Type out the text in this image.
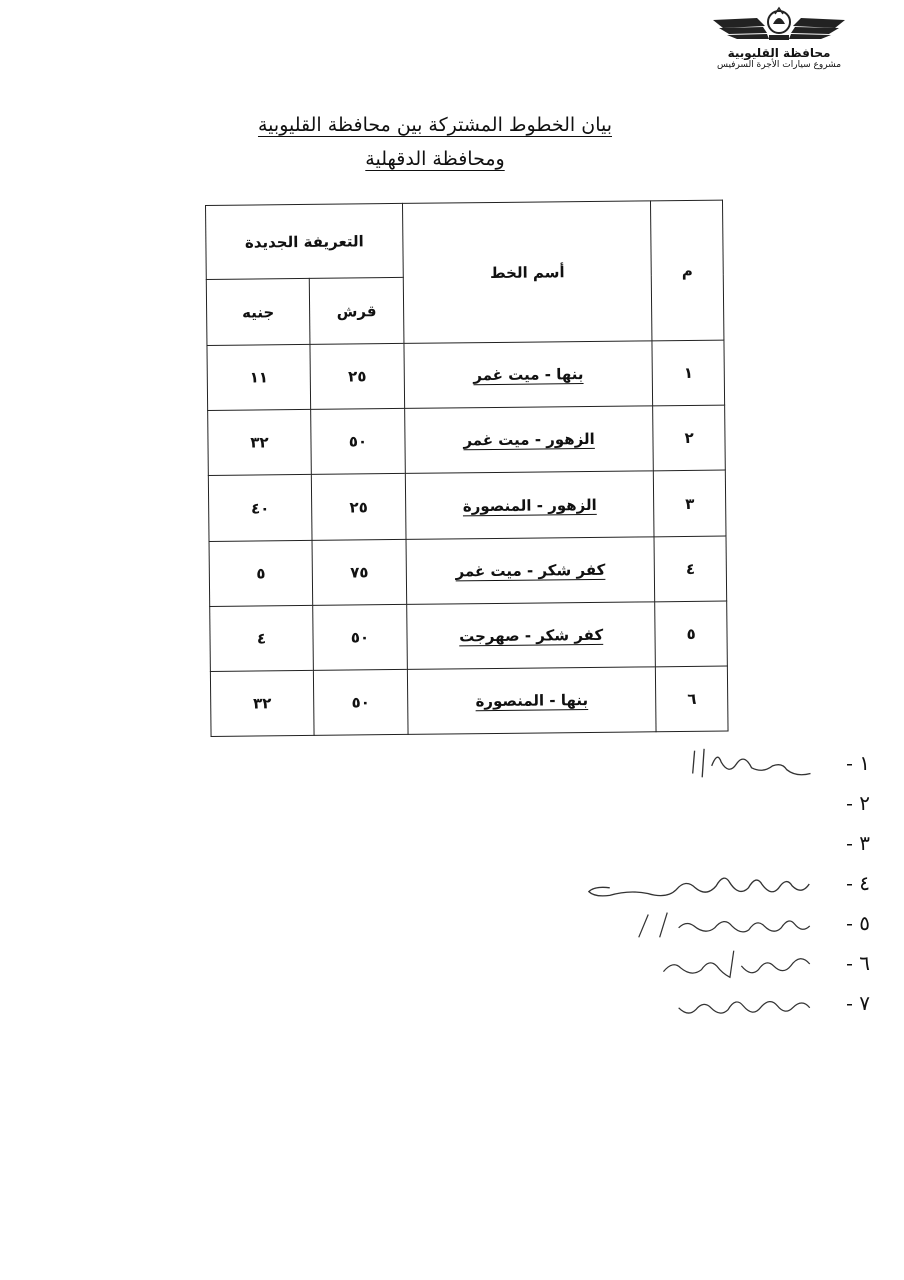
محافظة القليوبية
مشروع سيارات الأجرة السرفيس
بيان الخطوط المشتركة بين محافظة القليوبية
ومحافظة الدقهلية
م	أسم الخط	التعريفة الجديدة	
		قرش	جنيه
١	بنها - ميت غمر	٢٥	١١
٢	الزهور - ميت غمر	٥٠	٣٢
٣	الزهور - المنصورة	٢٥	٤٠
٤	كفر شكر - ميت غمر	٧٥	٥
٥	كفر شكر - صهرجت	٥٠	٤
٦	بنها - المنصورة	٥٠	٣٢
١ -
٢ -
٣ -
٤ -
٥ -
٦ -
٧ -
